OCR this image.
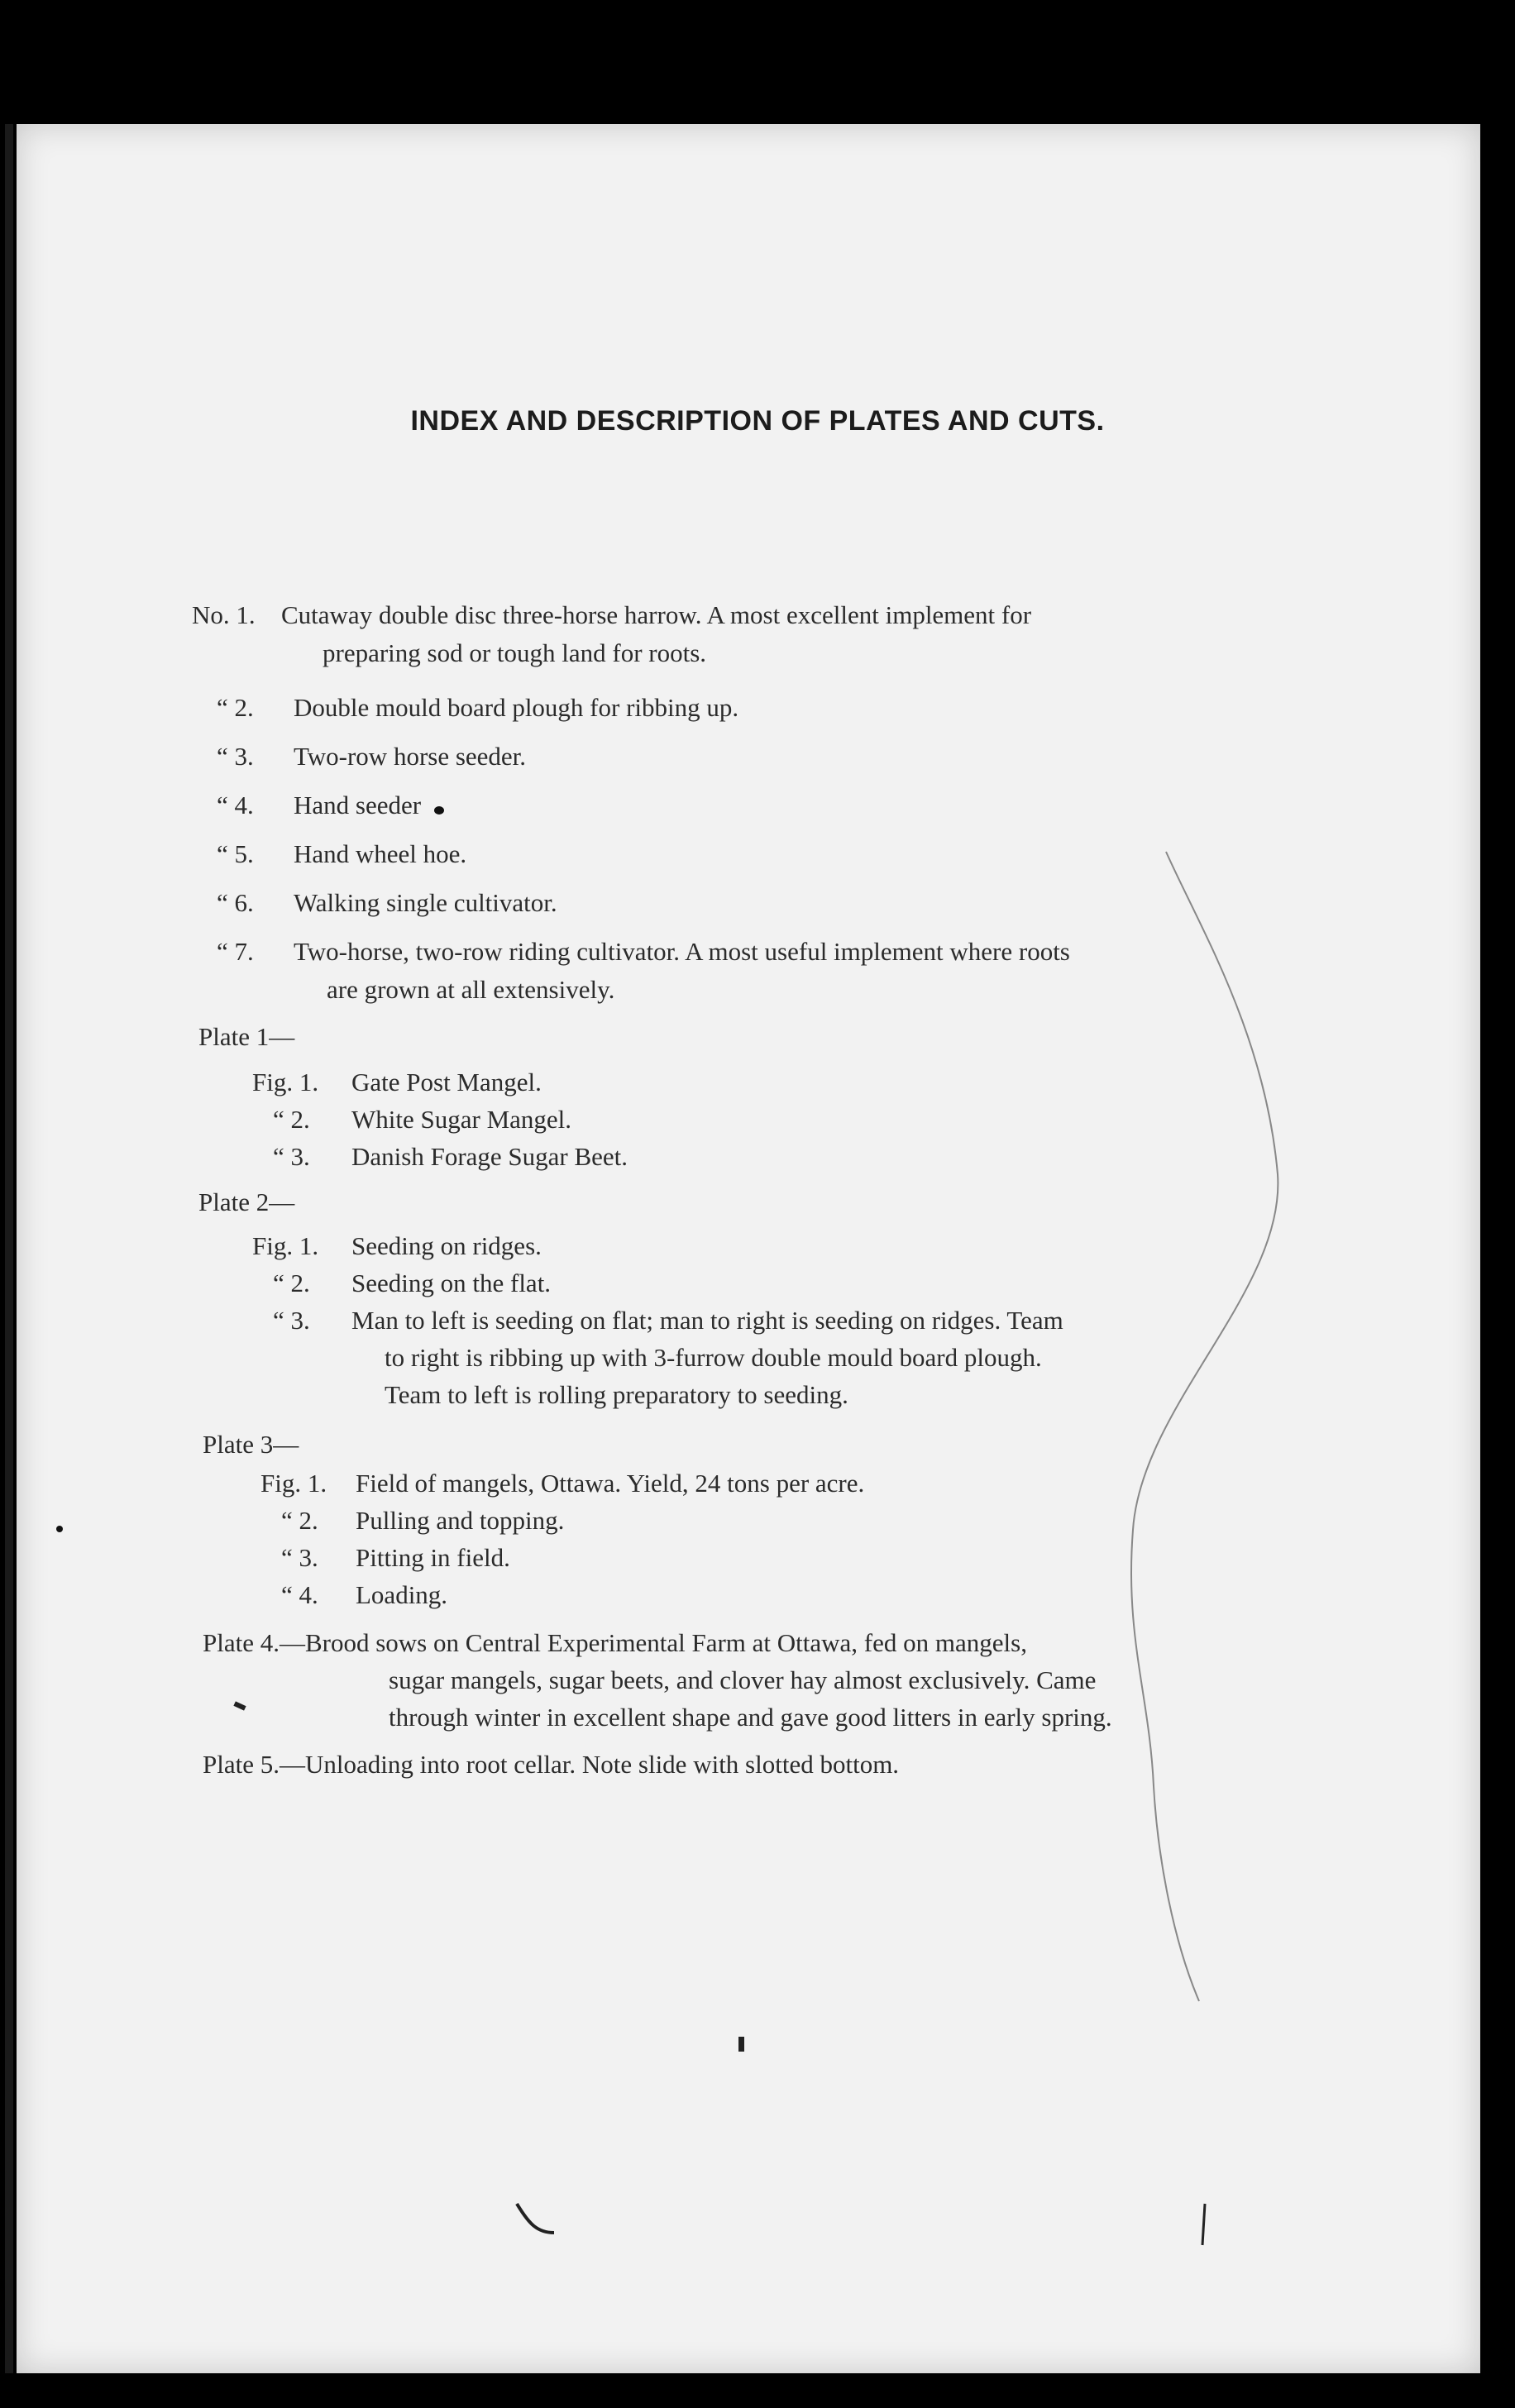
INDEX AND DESCRIPTION OF PLATES AND CUTS.
No. 1. Cutaway double disc three-horse harrow. A most excellent implement for
preparing sod or tough land for roots.
“ 2. Double mould board plough for ribbing up.
“ 3. Two-row horse seeder.
“ 4. Hand seeder
“ 5. Hand wheel hoe.
“ 6. Walking single cultivator.
“ 7. Two-horse, two-row riding cultivator. A most useful implement where roots
are grown at all extensively.
Plate 1—
Fig. 1. Gate Post Mangel.
“ 2. White Sugar Mangel.
“ 3. Danish Forage Sugar Beet.
Plate 2—
Fig. 1. Seeding on ridges.
“ 2. Seeding on the flat.
“ 3. Man to left is seeding on flat; man to right is seeding on ridges. Team
to right is ribbing up with 3-furrow double mould board plough.
Team to left is rolling preparatory to seeding.
Plate 3—
Fig. 1. Field of mangels, Ottawa. Yield, 24 tons per acre.
“ 2. Pulling and topping.
“ 3. Pitting in field.
“ 4. Loading.
Plate 4.—Brood sows on Central Experimental Farm at Ottawa, fed on mangels,
sugar mangels, sugar beets, and clover hay almost exclusively. Came
through winter in excellent shape and gave good litters in early spring.
Plate 5.—Unloading into root cellar. Note slide with slotted bottom.
